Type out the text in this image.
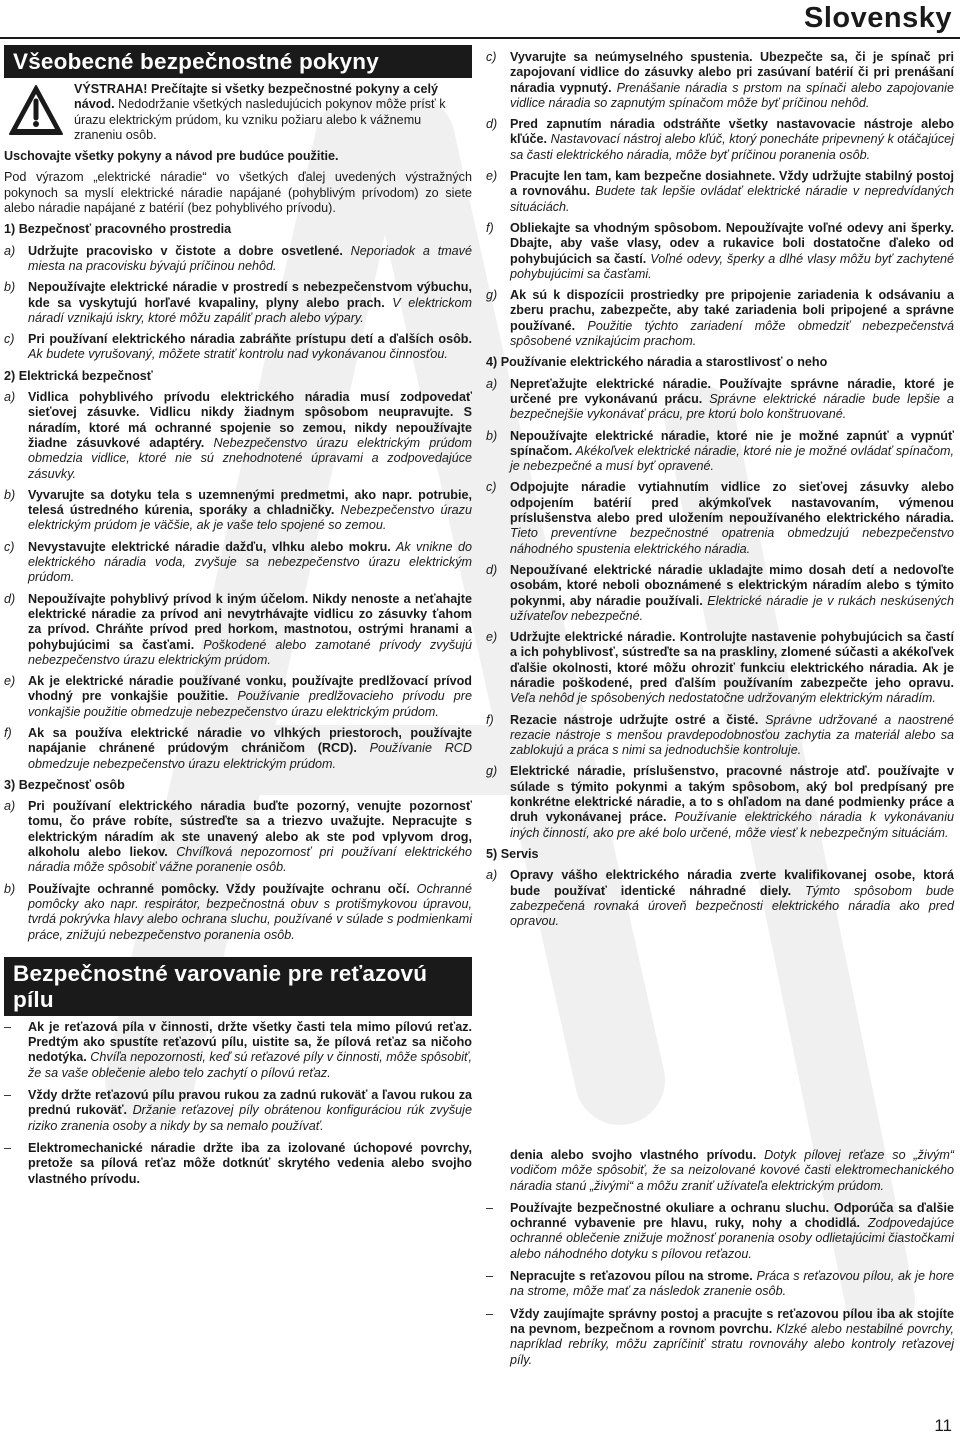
Slovensky
Všeobecné bezpečnostné pokyny
VÝSTRAHA! Prečítajte si všetky bezpečnostné pokyny a celý návod. Nedodržanie všetkých nasledujúcich pokynov môže prísť k úrazu elektrickým prúdom, ku vzniku požiaru alebo k vážnemu zraneniu osôb.

Uschovajte všetky pokyny a návod pre budúce použitie.

Pod výrazom „elektrické náradie“ vo všetkých ďalej uvedených výstražných pokynoch sa myslí elektrické náradie napájané (pohyblivým prívodom) zo siete alebo náradie napájané z batérií (bez pohyblivého prívodu).

1) Bezpečnosť pracovného prostredia
a)	Udržujte pracovisko v čistote a dobre osvetlené. Neporiadok a tmavé miesta na pracovisku bývajú príčinou nehôd.
b)	Nepoužívajte elektrické náradie v prostredí s nebezpečenstvom výbuchu, kde sa vyskytujú horľavé kvapaliny, plyny alebo prach. V elektrickom náradí vznikajú iskry, ktoré môžu zapáliť prach alebo výpary.
c)	Pri používaní elektrického náradia zabráňte prístupu detí a ďalších osôb. Ak budete vyrušovaný, môžete stratiť kontrolu nad vykonávanou činnosťou.
2) Elektrická bezpečnosť
a)	Vidlica pohyblivého prívodu elektrického náradia musí zodpovedať sieťovej zásuvke. Vidlicu nikdy žiadnym spôsobom neupravujte. S náradím, ktoré má ochranné spojenie so zemou, nikdy nepoužívajte žiadne zásuvkové adaptéry. Nebezpečenstvo úrazu elektrickým prúdom obmedzia vidlice, ktoré nie sú znehodnotené úpravami a zodpovedajúce zásuvky.
b)	Vyvarujte sa dotyku tela s uzemnenými predmetmi, ako napr. potrubie, telesá ústredného kúrenia, sporáky a chladničky. Nebezpečenstvo úrazu elektrickým prúdom je väčšie, ak je vaše telo spojené so zemou.
c)	Nevystavujte elektrické náradie dažďu, vlhku alebo mokru. Ak vnikne do elektrického náradia voda, zvyšuje sa nebezpečenstvo úrazu elektrickým prúdom.
d)	Nepoužívajte pohyblivý prívod k iným účelom. Nikdy nenoste a neťahajte elektrické náradie za prívod ani nevytrhávajte vidlicu zo zásuvky ťahom za prívod. Chráňte prívod pred horkom, mastnotou, ostrými hranami a pohybujúcimi sa časťami. Poškodené alebo zamotané prívody zvyšujú nebezpečenstvo úrazu elektrickým prúdom.
e)	Ak je elektrické náradie používané vonku, používajte predlžovací prívod vhodný pre vonkajšie použitie. Používanie predlžovacieho prívodu pre vonkajšie použitie obmedzuje nebezpečenstvo úrazu elektrickým prúdom.
f)	Ak sa používa elektrické náradie vo vlhkých priestoroch, používajte napájanie chránené prúdovým chráničom (RCD). Používanie RCD obmedzuje nebezpečenstvo úrazu elektrickým prúdom.
3) Bezpečnosť osôb
a)	Pri používaní elektrického náradia buďte pozorný, venujte pozornosť tomu, čo práve robíte, sústreďte sa a triezvo uvažujte. Nepracujte s elektrickým náradím ak ste unavený alebo ak ste pod vplyvom drog, alkoholu alebo liekov. Chvíľková nepozornosť pri používaní elektrického náradia môže spôsobiť vážne poranenie osôb.
b)	Používajte ochranné pomôcky. Vždy používajte ochranu očí. Ochranné pomôcky ako napr. respirátor, bezpečnostná obuv s protišmykovou úpravou, tvrdá pokrývka hlavy alebo ochrana sluchu, používané v súlade s podmienkami práce, znižujú nebezpečenstvo poranenia osôb.
Bezpečnostné varovanie pre reťazovú pílu
–	Ak je reťazová píla v činnosti, držte všetky časti tela mimo pílovú reťaz. Predtým ako spustíte reťazovú pílu, uistite sa, že pílová reťaz sa ničoho nedotýka. Chvíľa nepozornosti, keď sú reťazové píly v činnosti, môže spôsobiť, že sa vaše oblečenie alebo telo zachytí o pílovú reťaz.
–	Vždy držte reťazovú pílu pravou rukou za zadnú rukoväť a ľavou rukou za prednú rukoväť. Držanie reťazovej píly obrátenou konfiguráciou rúk zvyšuje riziko zranenia osoby a nikdy by sa nemalo používať.
–	Elektromechanické náradie držte iba za izolované úchopové povrchy, pretože sa pílová reťaz môže dotknúť skrytého vedenia alebo svojho vlastného prívodu.
c)	Vyvarujte sa neúmyselného spustenia. Ubezpečte sa, či je spínač pri zapojovaní vidlice do zásuvky alebo pri zasúvaní batérií či pri prenášaní náradia vypnutý. Prenášanie náradia s prstom na spínači alebo zapojovanie vidlice náradia so zapnutým spínačom môže byť príčinou nehôd.
d)	Pred zapnutím náradia odstráňte všetky nastavovacie nástroje alebo kľúče. Nastavovací nástroj alebo kľúč, ktorý ponecháte pripevnený k otáčajúcej sa časti elektrického náradia, môže byť príčinou poranenia osôb.
e)	Pracujte len tam, kam bezpečne dosiahnete. Vždy udržujte stabilný postoj a rovnováhu. Budete tak lepšie ovládať elektrické náradie v nepredvídaných situáciách.
f)	Obliekajte sa vhodným spôsobom. Nepoužívajte voľné odevy ani šperky. Dbajte, aby vaše vlasy, odev a rukavice boli dostatočne ďaleko od pohybujúcich sa častí. Voľné odevy, šperky a dlhé vlasy môžu byť zachytené pohybujúcimi sa časťami.
g)	Ak sú k dispozícii prostriedky pre pripojenie zariadenia k odsávaniu a zberu prachu, zabezpečte, aby také zariadenia boli pripojené a správne používané. Použitie týchto zariadení môže obmedziť nebezpečenstvá spôsobené vznikajúcim prachom.
4) Používanie elektrického náradia a starostlivosť o neho
a)	Nepreťažujte elektrické náradie. Používajte správne náradie, ktoré je určené pre vykonávanú prácu. Správne elektrické náradie bude lepšie a bezpečnejšie vykonávať prácu, pre ktorú bolo konštruované.
b)	Nepoužívajte elektrické náradie, ktoré nie je možné zapnúť a vypnúť spínačom. Akékoľvek elektrické náradie, ktoré nie je možné ovládať spínačom, je nebezpečné a musí byť opravené.
c)	Odpojujte náradie vytiahnutím vidlice zo sieťovej zásuvky alebo odpojením batérií pred akýmkoľvek nastavovaním, výmenou príslušenstva alebo pred uložením nepoužívaného elektrického náradia. Tieto preventívne bezpečnostné opatrenia obmedzujú nebezpečenstvo náhodného spustenia elektrického náradia.
d)	Nepoužívané elektrické náradie ukladajte mimo dosah detí a nedovoľte osobám, ktoré neboli oboznámené s elektrickým náradím alebo s týmito pokynmi, aby náradie používali. Elektrické náradie je v rukách neskúsených užívateľov nebezpečné.
e)	Udržujte elektrické náradie. Kontrolujte nastavenie pohybujúcich sa častí a ich pohyblivosť, sústreďte sa na praskliny, zlomené súčasti a akékoľvek ďalšie okolnosti, ktoré môžu ohroziť funkciu elektrického náradia. Ak je náradie poškodené, pred ďalším používaním zabezpečte jeho opravu. Veľa nehôd je spôsobených nedostatočne udržovaným elektrickým náradím.
f)	Rezacie nástroje udržujte ostré a čisté. Správne udržované a naostrené rezacie nástroje s menšou pravdepodobnosťou zachytia za materiál alebo sa zablokujú a práca s nimi sa jednoduchšie kontroluje.
g)	Elektrické náradie, príslušenstvo, pracovné nástroje atď. používajte v súlade s týmito pokynmi a takým spôsobom, aký bol predpísaný pre konkrétne elektrické náradie, a to s ohľadom na dané podmienky práce a druh vykonávanej práce. Používanie elektrického náradia k vykonávaniu iných činností, ako pre aké bolo určené, môže viesť k nebezpečným situáciám.
5) Servis
a)	Opravy vášho elektrického náradia zverte kvalifikovanej osobe, ktorá bude používať identické náhradné diely. Týmto spôsobom bude zabezpečená rovnaká úroveň bezpečnosti elektrického náradia ako pred opravou.
denia alebo svojho vlastného prívodu. Dotyk pílovej reťaze so „živým“ vodičom môže spôsobiť, že sa neizolované kovové časti elektromechanického náradia stanú „živými“ a môžu zraniť užívateľa elektrickým prúdom.
–	Používajte bezpečnostné okuliare a ochranu sluchu. Odporúča sa ďalšie ochranné vybavenie pre hlavu, ruky, nohy a chodidlá. Zodpovedajúce ochranné oblečenie znižuje možnosť poranenia osoby odlietajúcimi čiastočkami alebo náhodného dotyku s pílovou reťazou.
–	Nepracujte s reťazovou pílou na strome. Práca s reťazovou pílou, ak je hore na strome, môže mať za následok zranenie osôb.
–	Vždy zaujímajte správny postoj a pracujte s reťazovou pílou iba ak stojíte na pevnom, bezpečnom a rovnom povrchu. Klzké alebo nestabilné povrchy, napríklad rebríky, môžu zapríčiniť stratu rovnováhy alebo kontroly reťazovej píly.
11
